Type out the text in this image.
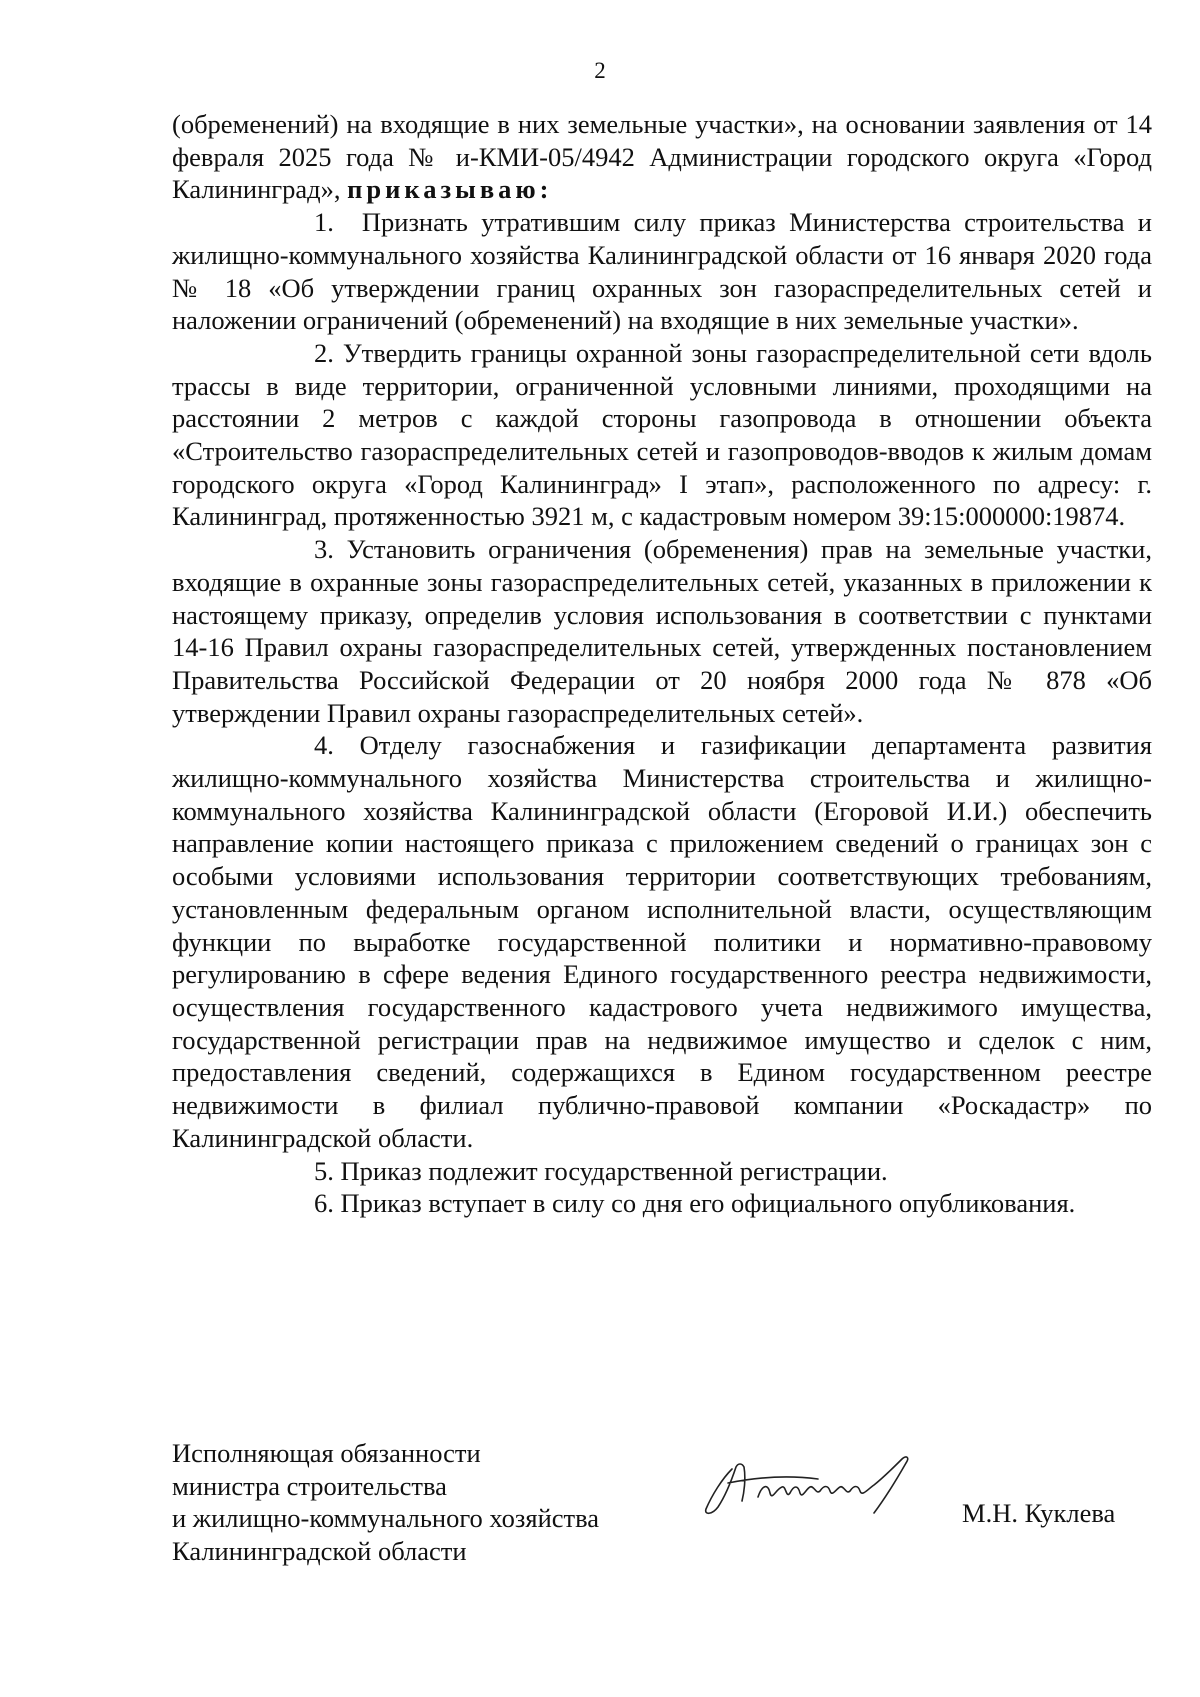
2

(обременений) на входящие в них земельные участки», на основании заявления от 14 февраля 2025 года № и-КМИ-05/4942 Администрации городского округа «Город Калининград», приказываю:

1. Признать утратившим силу приказ Министерства строительства и жилищно-коммунального хозяйства Калининградской области от 16 января 2020 года № 18 «Об утверждении границ охранных зон газораспределительных сетей и наложении ограничений (обременений) на входящие в них земельные участки».

2. Утвердить границы охранной зоны газораспределительной сети вдоль трассы в виде территории, ограниченной условными линиями, проходящими на расстоянии 2 метров с каждой стороны газопровода в отношении объекта «Строительство газораспределительных сетей и газопроводов-вводов к жилым домам городского округа «Город Калининград» I этап», расположенного по адресу: г. Калининград, протяженностью 3921 м, с кадастровым номером 39:15:000000:19874.

3. Установить ограничения (обременения) прав на земельные участки, входящие в охранные зоны газораспределительных сетей, указанных в приложении к настоящему приказу, определив условия использования в соответствии с пунктами 14-16 Правил охраны газораспределительных сетей, утвержденных постановлением Правительства Российской Федерации от 20 ноября 2000 года № 878 «Об утверждении Правил охраны газораспределительных сетей».

4. Отделу газоснабжения и газификации департамента развития жилищно-коммунального хозяйства Министерства строительства и жилищно-коммунального хозяйства Калининградской области (Егоровой И.И.) обеспечить направление копии настоящего приказа с приложением сведений о границах зон с особыми условиями использования территории соответствующих требованиям, установленным федеральным органом исполнительной власти, осуществляющим функции по выработке государственной политики и нормативно-правовому регулированию в сфере ведения Единого государственного реестра недвижимости, осуществления государственного кадастрового учета недвижимого имущества, государственной регистрации прав на недвижимое имущество и сделок с ним, предоставления сведений, содержащихся в Едином государственном реестре недвижимости в филиал публично-правовой компании «Роскадастр» по Калининградской области.

5. Приказ подлежит государственной регистрации.

6. Приказ вступает в силу со дня его официального опубликования.

Исполняющая обязанности
министра строительства
и жилищно-коммунального хозяйства
Калининградской области
М.Н. Куклева
